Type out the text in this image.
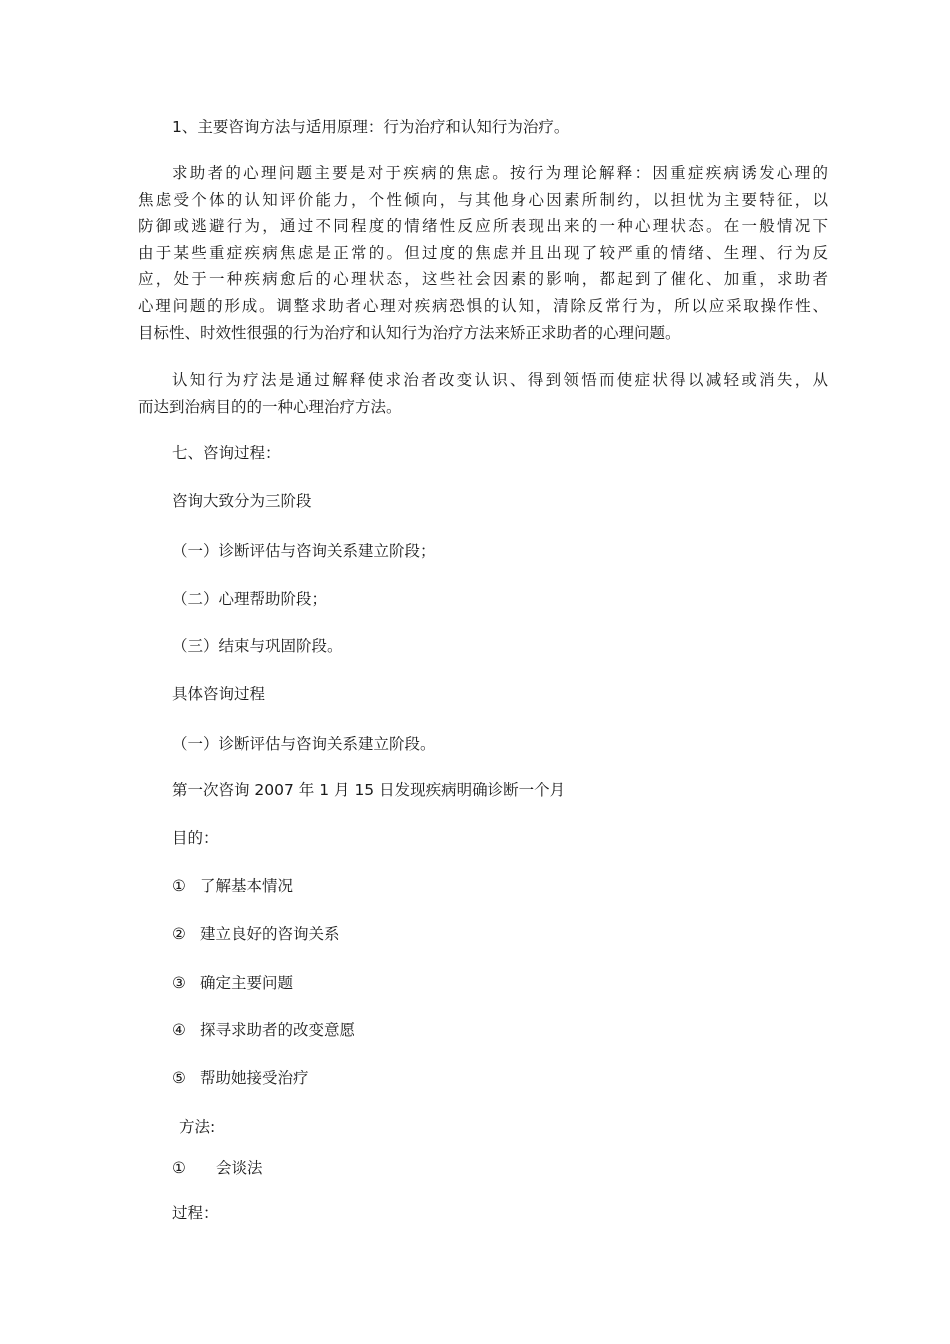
1、主要咨询方法与适用原理：行为治疗和认知行为治疗。
求助者的心理问题主要是对于疾病的焦虑。按行为理论解释：因重症疾病诱发心理的
焦虑受个体的认知评价能力，个性倾向，与其他身心因素所制约，以担忧为主要特征，以
防御或逃避行为，通过不同程度的情绪性反应所表现出来的一种心理状态。在一般情况下
由于某些重症疾病焦虑是正常的。但过度的焦虑并且出现了较严重的情绪、生理、行为反
应，处于一种疾病愈后的心理状态，这些社会因素的影响，都起到了催化、加重，求助者
心理问题的形成。调整求助者心理对疾病恐惧的认知，清除反常行为，所以应采取操作性、
目标性、时效性很强的行为治疗和认知行为治疗方法来矫正求助者的心理问题。
认知行为疗法是通过解释使求治者改变认识、得到领悟而使症状得以减轻或消失，从
而达到治病目的的一种心理治疗方法。
七、咨询过程：
咨询大致分为三阶段
（一）诊断评估与咨询关系建立阶段；
（二）心理帮助阶段；
（三）结束与巩固阶段。
具体咨询过程
（一）诊断评估与咨询关系建立阶段。
第一次咨询 2007 年 1 月 15 日发现疾病明确诊断一个月
目的：
① 了解基本情况
② 建立良好的咨询关系
③ 确定主要问题
④ 探寻求助者的改变意愿
⑤ 帮助她接受治疗
方法:
① 会谈法
过程：
